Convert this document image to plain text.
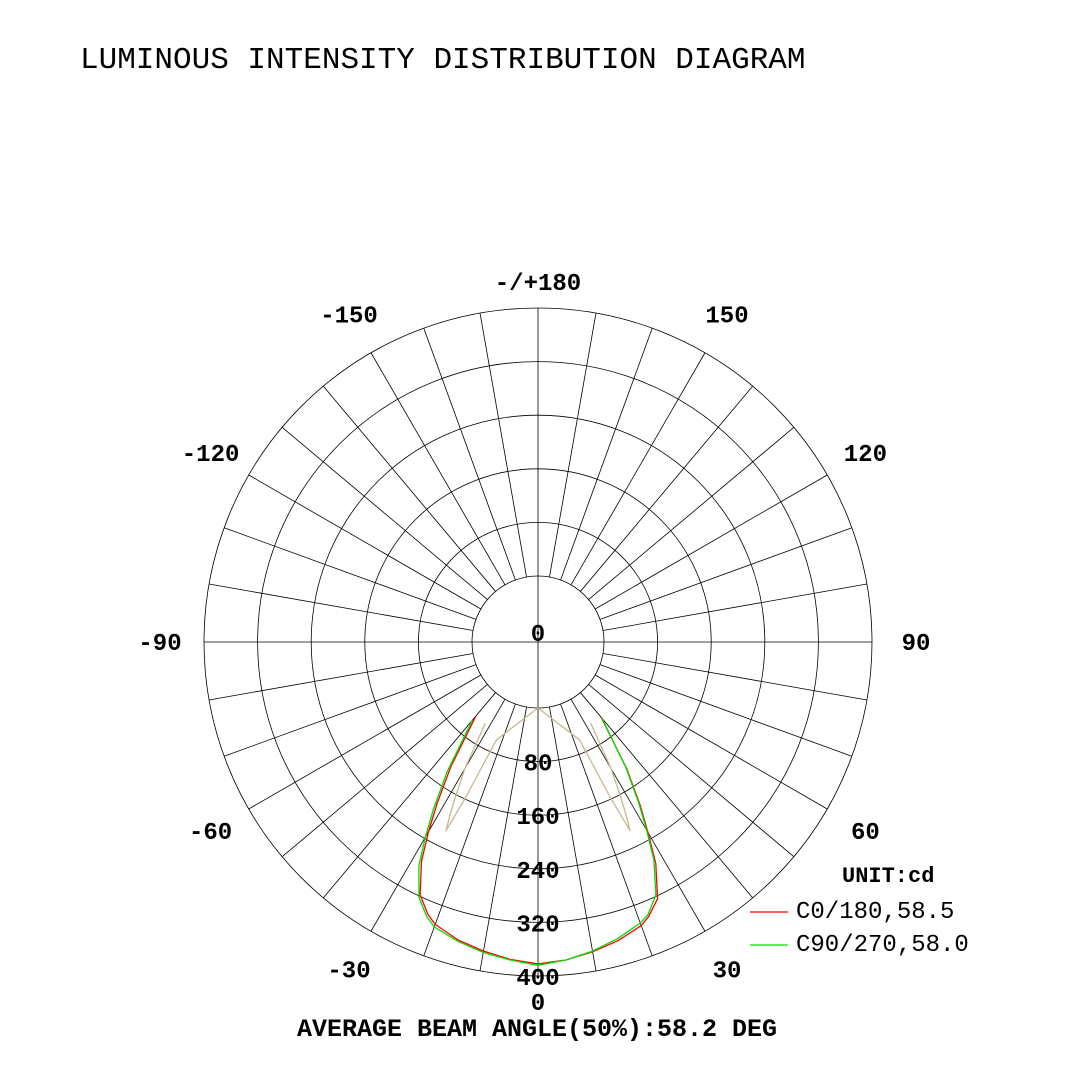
LUMINOUS INTENSITY DISTRIBUTION DIAGRAM
0
80
160
240
320
400
0
30
60
90
120
150
-/+180
-150
-120
-90
-60
-30
UNIT:cd
C0/180,58.5
C90/270,58.0
AVERAGE BEAM ANGLE(50%):58.2 DEG
